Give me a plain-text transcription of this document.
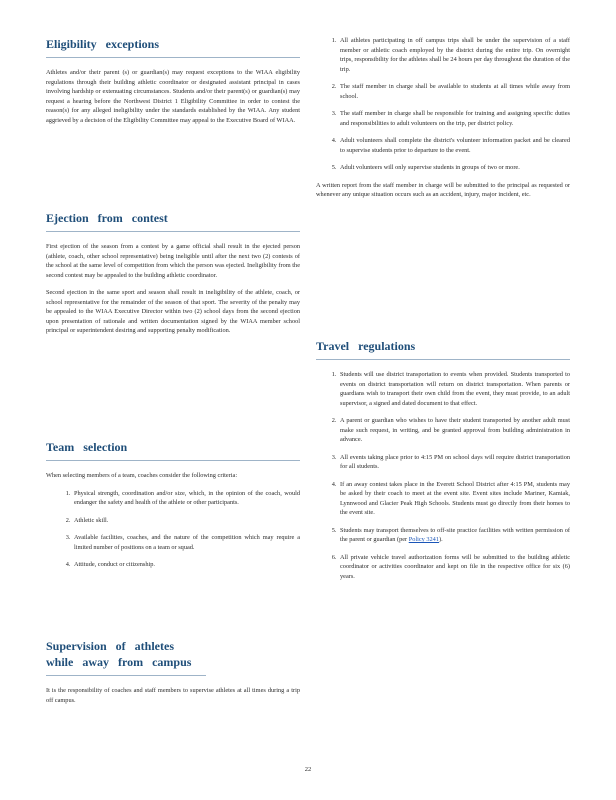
Eligibility exceptions

Athletes and/or their parent (s) or guardian(s) may request exceptions to the WIAA eligibility regulations through their building athletic coordinator or designated assistant principal in cases involving hardship or extenuating circumstances. Students and/or their parent(s) or guardian(s) may request a hearing before the Northwest District 1 Eligibility Committee in order to contest the reason(s) for any alleged ineligibility under the standards established by the WIAA. Any student aggrieved by a decision of the Eligibility Committee may appeal to the Executive Board of WIAA.

Ejection from contest

First ejection of the season from a contest by a game official shall result in the ejected person (athlete, coach, other school representative) being ineligible until after the next two (2) contests of the school at the same level of competition from which the person was ejected. Ineligibility from the second contest may be appealed to the building athletic coordinator.

Second ejection in the same sport and season shall result in ineligibility of the athlete, coach, or school representative for the remainder of the season of that sport. The severity of the penalty may be appealed to the WIAA Executive Director within two (2) school days from the second ejection upon presentation of rationale and written documentation signed by the WIAA member school principal or superintendent desiring and supporting penalty modification.

Team selection

When selecting members of a team, coaches consider the following criteria:

1. Physical strength, coordination and/or size, which, in the opinion of the coach, would endanger the safety and health of the athlete or other participants.
2. Athletic skill.
3. Available facilities, coaches, and the nature of the competition which may require a limited number of positions on a team or squad.
4. Attitude, conduct or citizenship.
Supervision of athletes while away from campus

It is the responsibility of coaches and staff members to supervise athletes at all times during a trip off campus.

1. All athletes participating in off campus trips shall be under the supervision of a staff member or athletic coach employed by the district during the entire trip. On overnight trips, responsibility for the athletes shall be 24 hours per day throughout the duration of the trip.
2. The staff member in charge shall be available to students at all times while away from school.
3. The staff member in charge shall be responsible for training and assigning specific duties and responsibilities to adult volunteers on the trip, per district policy.
4. Adult volunteers shall complete the district's volunteer information packet and be cleared to supervise students prior to departure to the event.
5. Adult volunteers will only supervise students in groups of two or more.

A written report from the staff member in charge will be submitted to the principal as requested or whenever any unique situation occurs such as an accident, injury, major incident, etc.

Travel regulations
1. Students will use district transportation to events when provided. Students transported to events on district transportation will return on district transportation. When parents or guardians wish to transport their own child from the event, they must provide, to an adult supervisor, a signed and dated document to that effect.
2. A parent or guardian who wishes to have their student transported by another adult must make such request, in writing, and be granted approval from building administration in advance.
3. All events taking place prior to 4:15 PM on school days will require district transportation for all students.
4. If an away contest takes place in the Everett School District after 4:15 PM, students may be asked by their coach to meet at the event site. Event sites include Mariner, Kamiak, Lynnwood and Glacier Peak High Schools. Students must go directly from their homes to the event site.
5. Students may transport themselves to off-site practice facilities with written permission of the parent or guardian (per Policy 3241).
6. All private vehicle travel authorization forms will be submitted to the building athletic coordinator or activities coordinator and kept on file in the respective office for six (6) years.
22
